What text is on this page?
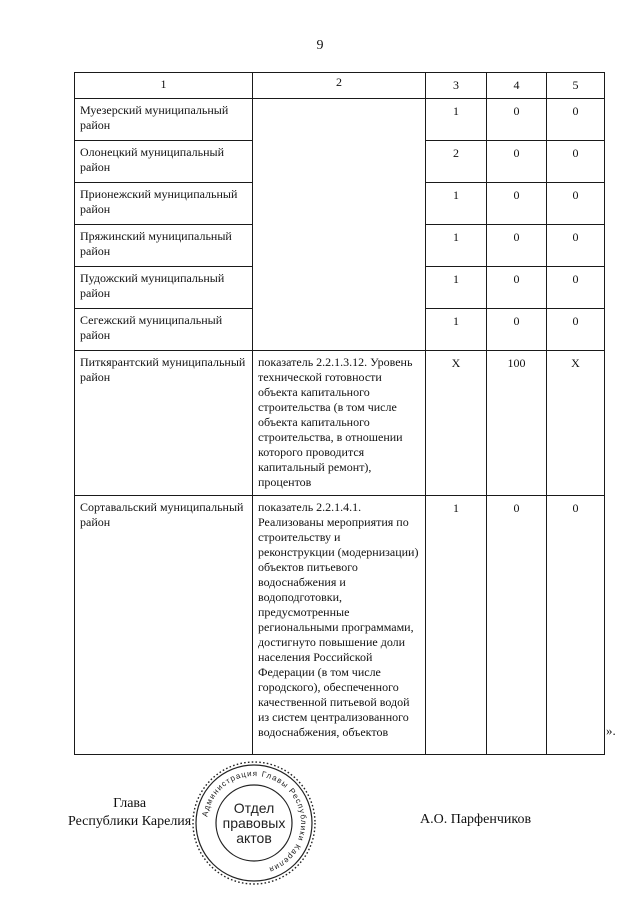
9
1	2	3	4	5
Муезерский муниципальный район		1	0	0
Олонецкий муниципальный район		2	0	0
Прионежский муниципальный район		1	0	0
Пряжинский муниципальный район		1	0	0
Пудожский муниципальный район		1	0	0
Сегежский муниципальный район		1	0	0
Питкярантский муниципальный район	показатель 2.2.1.3.12. Уровень технической готовности объекта капитального строительства (в том числе объекта капитального строительства, в отношении которого проводится капитальный ремонт), процентов	Х	100	Х
Сортавальский муниципальный район	показатель 2.2.1.4.1. Реализованы мероприятия по строительству и реконструкции (модернизации) объектов питьевого водоснабжения и водоподготовки, предусмотренные региональными программами, достигнуто повышение доли населения Российской Федерации (в том числе городского), обеспеченного качественной питьевой водой из систем централизованного водоснабжения, объектов	1	0	0
».
Глава
Республики Карелия
Администрация Главы Республики Карелия
Отдел
правовых
актов
А.О. Парфенчиков
